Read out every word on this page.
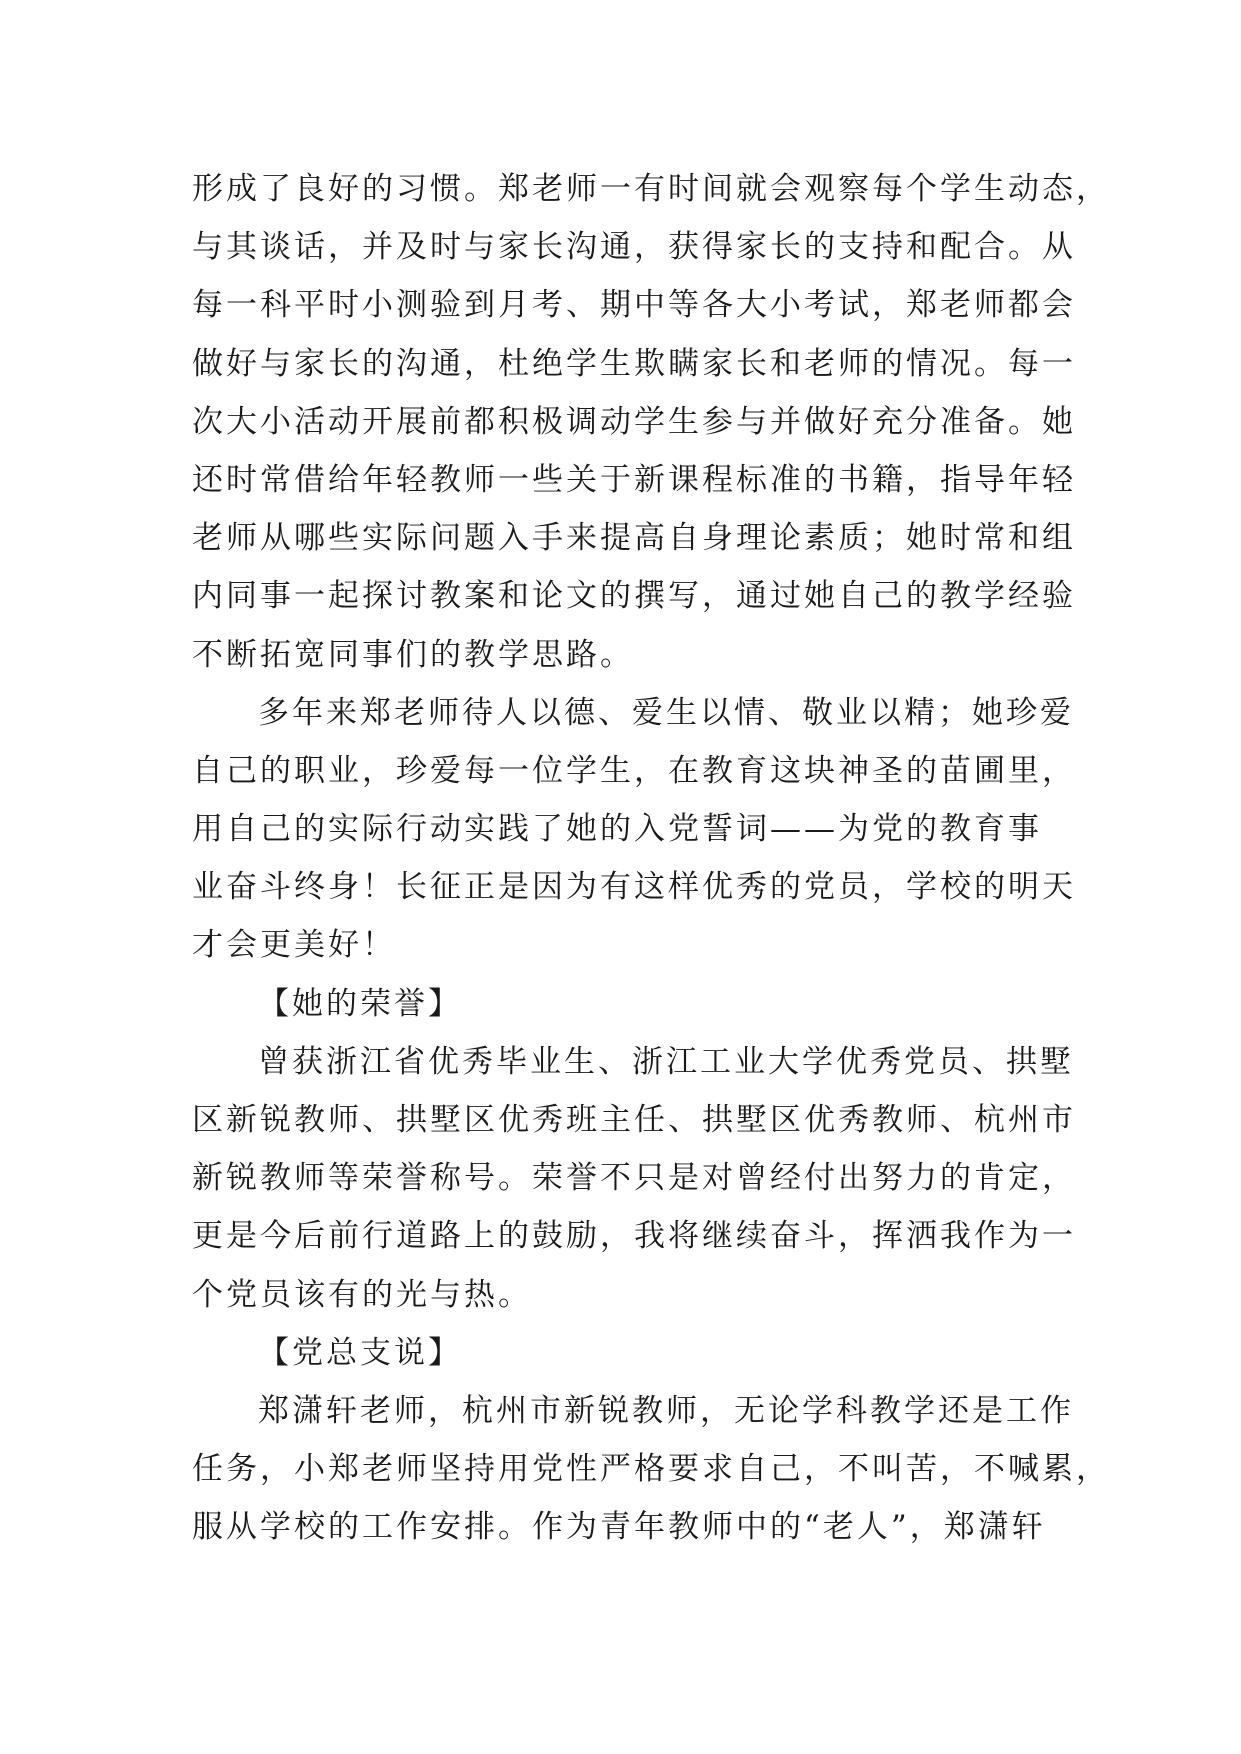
形成了良好的习惯。郑老师一有时间就会观察每个学生动态，
与其谈话，并及时与家长沟通，获得家长的支持和配合。从
每一科平时小测验到月考、期中等各大小考试，郑老师都会
做好与家长的沟通，杜绝学生欺瞒家长和老师的情况。每一
次大小活动开展前都积极调动学生参与并做好充分准备。她
还时常借给年轻教师一些关于新课程标准的书籍，指导年轻
老师从哪些实际问题入手来提高自身理论素质；她时常和组
内同事一起探讨教案和论文的撰写，通过她自己的教学经验
不断拓宽同事们的教学思路。
多年来郑老师待人以德、爱生以情、敬业以精；她珍爱
自己的职业，珍爱每一位学生，在教育这块神圣的苗圃里，
用自己的实际行动实践了她的入党誓词——为党的教育事
业奋斗终身！长征正是因为有这样优秀的党员，学校的明天
才会更美好！
【她的荣誉】
曾获浙江省优秀毕业生、浙江工业大学优秀党员、拱墅
区新锐教师、拱墅区优秀班主任、拱墅区优秀教师、杭州市
新锐教师等荣誉称号。荣誉不只是对曾经付出努力的肯定，
更是今后前行道路上的鼓励，我将继续奋斗，挥洒我作为一
个党员该有的光与热。
【党总支说】
郑潇轩老师，杭州市新锐教师，无论学科教学还是工作
任务，小郑老师坚持用党性严格要求自己，不叫苦，不喊累，
服从学校的工作安排。作为青年教师中的“老人”，郑潇轩
